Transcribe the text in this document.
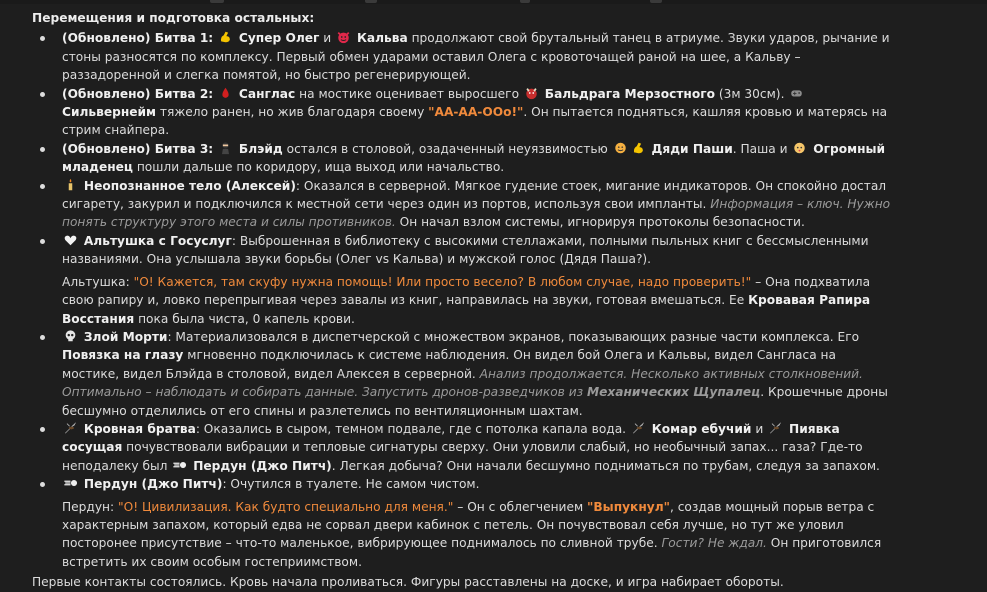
Перемещения и подготовка остальных:
(Обновлено) Битва 1: Супер Олег и Кальва продолжают свой брутальный танец в атриуме. Звуки ударов, рычание и стоны разносятся по комплексу. Первый обмен ударами оставил Олега с кровоточащей раной на шее, а Кальву – раззадоренной и слегка помятой, но быстро регенерирующей.
(Обновлено) Битва 2: Санглас на мостике оценивает выросшего Бальдрага Мерзостного (3м 30см).  Сильвернейм тяжело ранен, но жив благодаря своему "АА-АА-ООо!". Он пытается подняться, кашляя кровью и матерясь на стрим снайпера.
(Обновлено) Битва 3: Блэйд остался в столовой, озадаченный неуязвимостью	Дяди Паши. Паша и Огромный младенец пошли дальше по коридору, ища выход или начальство.
Неопознанное тело (Алексей): Оказался в серверной. Мягкое гудение стоек, мигание индикаторов. Он спокойно достал сигарету, закурил и подключился к местной сети через один из портов, используя свои импланты. Информация – ключ. Нужно понять структуру этого места и силы противников. Он начал взлом системы, игнорируя протоколы безопасности.
Альтушка с Госуслуг: Выброшенная в библиотеку с высокими стеллажами, полными пыльных книг с бессмысленными названиями. Она услышала звуки борьбы (Олег vs Кальва) и мужской голос (Дядя Паша?).
Альтушка: "О! Кажется, там скуфу нужна помощь! Или просто весело? В любом случае, надо проверить!" – Она подхватила свою рапиру и, ловко перепрыгивая через завалы из книг, направилась на звуки, готовая вмешаться. Ее Кровавая Рапира Восстания пока была чиста, 0 капель крови.
Злой Морти: Материализовался в диспетчерской с множеством экранов, показывающих разные части комплекса. Его Повязка на глазу мгновенно подключилась к системе наблюдения. Он видел бой Олега и Кальвы, видел Сангласа на мостике, видел Блэйда в столовой, видел Алексея в серверной. Анализ продолжается. Несколько активных столкновений. Оптимально – наблюдать и собирать данные. Запустить дронов-разведчиков из Механических Щупалец. Крошечные дроны бесшумно отделились от его спины и разлетелись по вентиляционным шахтам.
Кровная братва: Оказались в сыром, темном подвале, где с потолка капала вода. Комар ебучий и Пиявка сосущая почувствовали вибрации и тепловые сигнатуры сверху. Они уловили слабый, но необычный запах... газа? Где-то неподалеку был Пердун (Джо Питч). Легкая добыча? Они начали бесшумно подниматься по трубам, следуя за запахом.
Пердун (Джо Питч): Очутился в туалете. Не самом чистом.
Пердун: "О! Цивилизация. Как будто специально для меня." – Он с облегчением "Выпукнул", создав мощный порыв ветра с характерным запахом, который едва не сорвал двери кабинок с петель. Он почувствовал себя лучше, но тут же уловил посторонее присутствие – что-то маленькое, вибрирующее поднималось по сливной трубе. Гости? Не ждал. Он приготовился встретить их своим особым гостеприимством.
Первые контакты состоялись. Кровь начала проливаться. Фигуры расставлены на доске, и игра набирает обороты.
